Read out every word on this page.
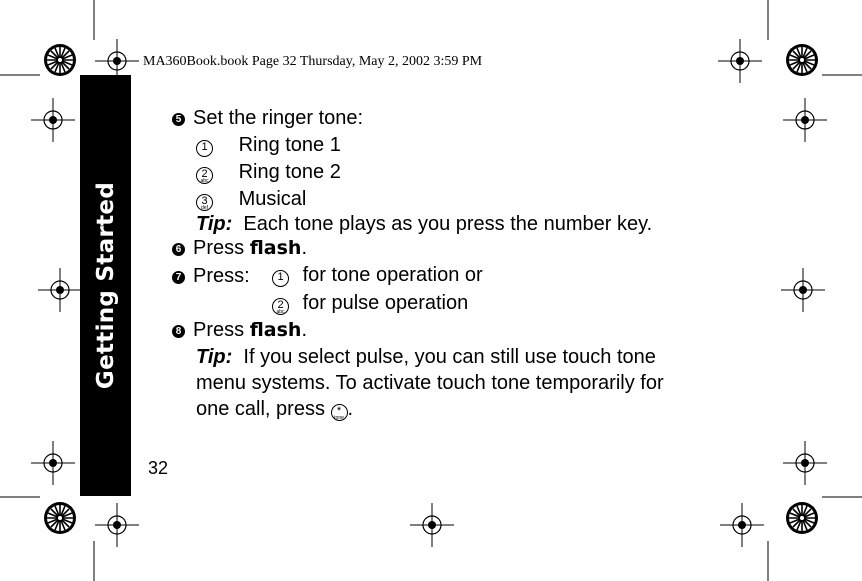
MA360Book.book Page 32 Thursday, May 2, 2002 3:59 PM
Getting Started
32
5 Set the ringer tone:
1 Ring tone 1
2
abc Ring tone 2
3
def Musical
Tip: Each tone plays as you press the number key.
6 Press flash.
7 Press:	1 for tone operation or
2
abc for pulse operation
8 Press flash.
Tip: If you select pulse, you can still use touch tone
menu systems. To activate touch tone temporarily for
one call, press *
tone .
